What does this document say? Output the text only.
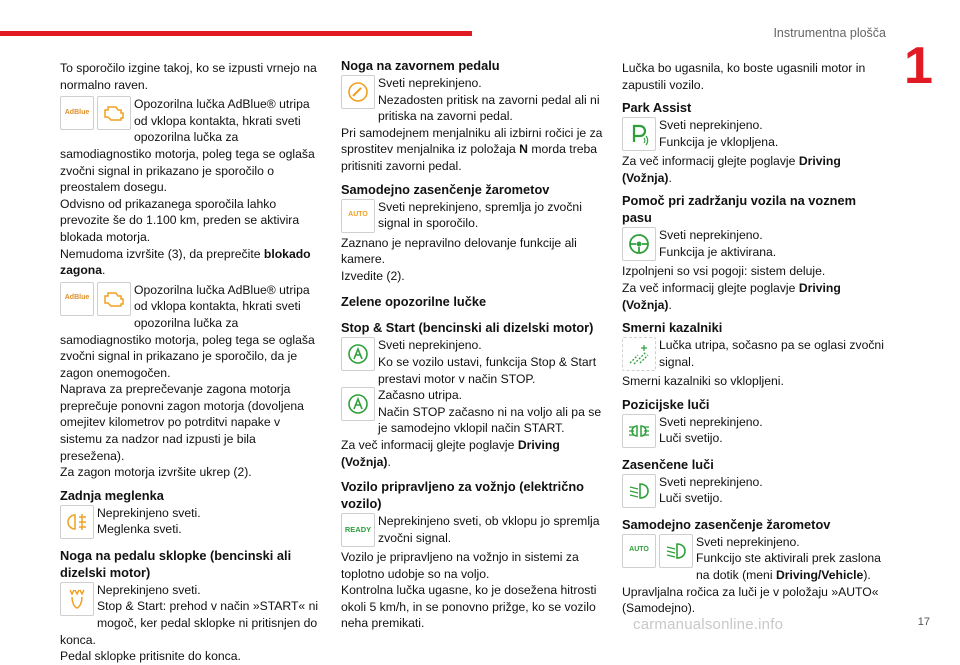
Instrumentna plošča
1

To sporočilo izgine takoj, ko se izpusti vrnejo na normalno raven.

AdBlue

Opozorilna lučka AdBlue® utripa od vklopa kontakta, hkrati sveti opozorilna lučka za samodiagnostiko motorja, poleg tega se oglaša zvočni signal in prikazano je sporočilo o preostalem dosegu.

Odvisno od prikazanega sporočila lahko prevozite še do 1.100 km, preden se aktivira blokada motorja.

Nemudoma izvršite (3), da preprečite blokado zagona.

AdBlue

Opozorilna lučka AdBlue® utripa od vklopa kontakta, hkrati sveti opozorilna lučka za samodiagnostiko motorja, poleg tega se oglaša zvočni signal in prikazano je sporočilo, da je zagon onemogočen.

Naprava za preprečevanje zagona motorja preprečuje ponovni zagon motorja (dovoljena omejitev kilometrov po potrditvi napake v sistemu za nadzor nad izpusti je bila presežena).

Za zagon motorja izvršite ukrep (2).

Zadnja meglenka

Neprekinjeno sveti.

Meglenka sveti.

Noga na pedalu sklopke (bencinski ali dizelski motor)

Neprekinjeno sveti.

Stop & Start: prehod v način »START« ni mogoč, ker pedal sklopke ni pritisnjen do konca.

Pedal sklopke pritisnite do konca.

Noga na zavornem pedalu

Sveti neprekinjeno.

Nezadosten pritisk na zavorni pedal ali ni pritiska na zavorni pedal.

Pri samodejnem menjalniku ali izbirni ročici je za sprostitev menjalnika iz položaja N morda treba pritisniti zavorni pedal.

Samodejno zasenčenje žarometov
AUTO

Sveti neprekinjeno, spremlja jo zvočni signal in sporočilo.

Zaznano je nepravilno delovanje funkcije ali kamere.

Izvedite (2).

Zelene opozorilne lučke
Stop & Start (bencinski ali dizelski motor)

Sveti neprekinjeno.

Ko se vozilo ustavi, funkcija Stop & Start prestavi motor v način STOP.

Začasno utripa.

Način STOP začasno ni na voljo ali pa se je samodejno vklopil način START.

Za več informacij glejte poglavje Driving (Vožnja).

Vozilo pripravljeno za vožnjo (električno vozilo)
READY

Neprekinjeno sveti, ob vklopu jo spremlja zvočni signal.

Vozilo je pripravljeno na vožnjo in sistemi za toplotno udobje so na voljo.

Kontrolna lučka ugasne, ko je dosežena hitrosti okoli 5 km/h, in se ponovno prižge, ko se vozilo neha premikati.

Lučka bo ugasnila, ko boste ugasnili motor in zapustili vozilo.

Park Assist

Sveti neprekinjeno.

Funkcija je vklopljena.

Za več informacij glejte poglavje Driving (Vožnja).

Pomoč pri zadržanju vozila na voznem pasu

Sveti neprekinjeno.

Funkcija je aktivirana.

Izpolnjeni so vsi pogoji: sistem deluje.

Za več informacij glejte poglavje Driving (Vožnja).

Smerni kazalniki

Lučka utripa, sočasno pa se oglasi zvočni signal.

Smerni kazalniki so vklopljeni.

Pozicijske luči

Sveti neprekinjeno.

Luči svetijo.

Zasenčene luči

Sveti neprekinjeno.

Luči svetijo.

Samodejno zasenčenje žarometov
AUTO

Sveti neprekinjeno.

Funkcijo ste aktivirali prek zaslona na dotik (meni Driving/Vehicle).

Upravljalna ročica za luči je v položaju »AUTO« (Samodejno).

carmanualsonline.info	17
